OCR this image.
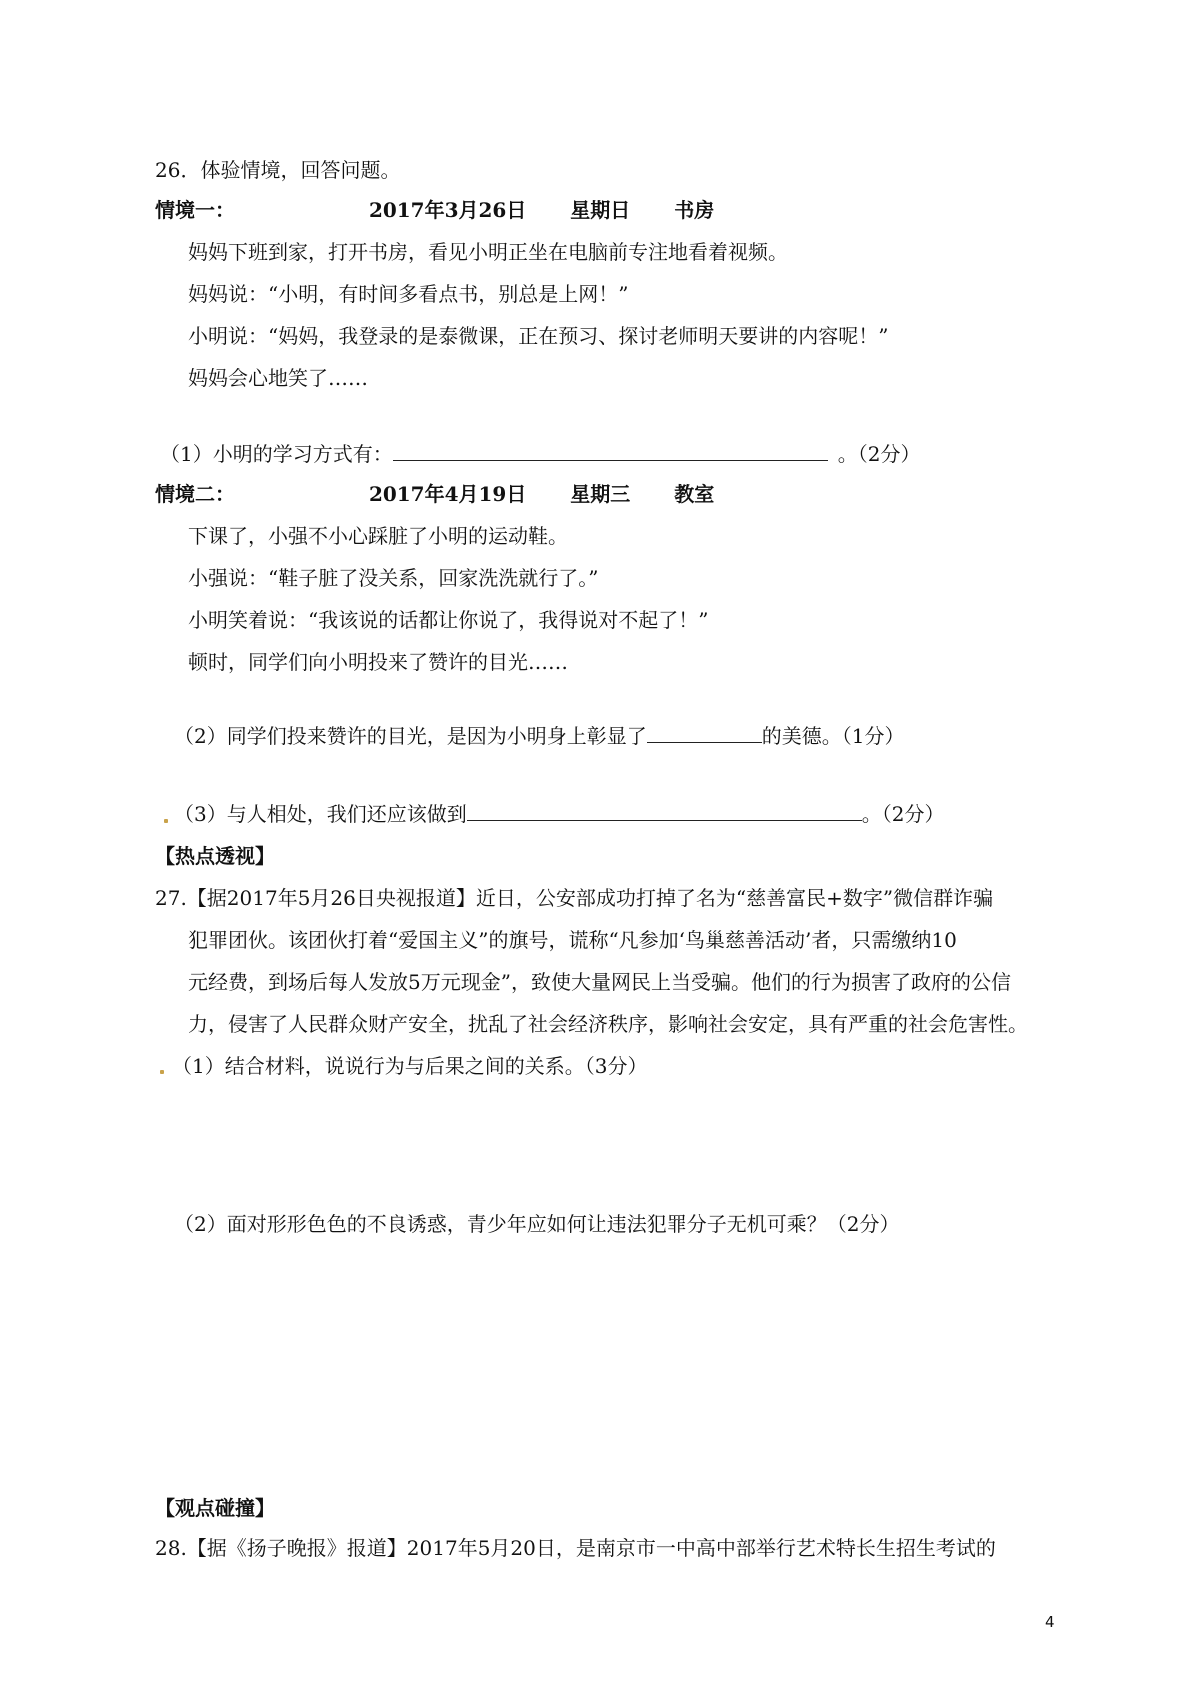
26．体验情境，回答问题。
情境一：	2017年3月26日 星期日 书房
妈妈下班到家，打开书房，看见小明正坐在电脑前专注地看着视频。
妈妈说：“小明，有时间多看点书，别总是上网！”
小明说：“妈妈，我登录的是泰微课，正在预习、探讨老师明天要讲的内容呢！”
妈妈会心地笑了……
（1）小明的学习方式有：	。（2分）
情境二：	2017年4月19日 星期三 教室
下课了，小强不小心踩脏了小明的运动鞋。
小强说：“鞋子脏了没关系，回家洗洗就行了。”
小明笑着说：“我该说的话都让你说了，我得说对不起了！”
顿时，同学们向小明投来了赞许的目光……
（2）同学们投来赞许的目光，是因为小明身上彰显了	的美德。（1分）
（3）与人相处，我们还应该做到	。（2分）
【热点透视】
27.【据2017年5月26日央视报道】近日，公安部成功打掉了名为“慈善富民+数字”微信群诈骗
犯罪团伙。该团伙打着“爱国主义”的旗号，谎称“凡参加‘鸟巢慈善活动’者，只需缴纳10
元经费，到场后每人发放5万元现金”，致使大量网民上当受骗。他们的行为损害了政府的公信
力，侵害了人民群众财产安全，扰乱了社会经济秩序，影响社会安定，具有严重的社会危害性。
（1）结合材料，说说行为与后果之间的关系。（3分）
（2）面对形形色色的不良诱惑，青少年应如何让违法犯罪分子无机可乘？（2分）
【观点碰撞】
28.【据《扬子晚报》报道】2017年5月20日，是南京市一中高中部举行艺术特长生招生考试的
4
